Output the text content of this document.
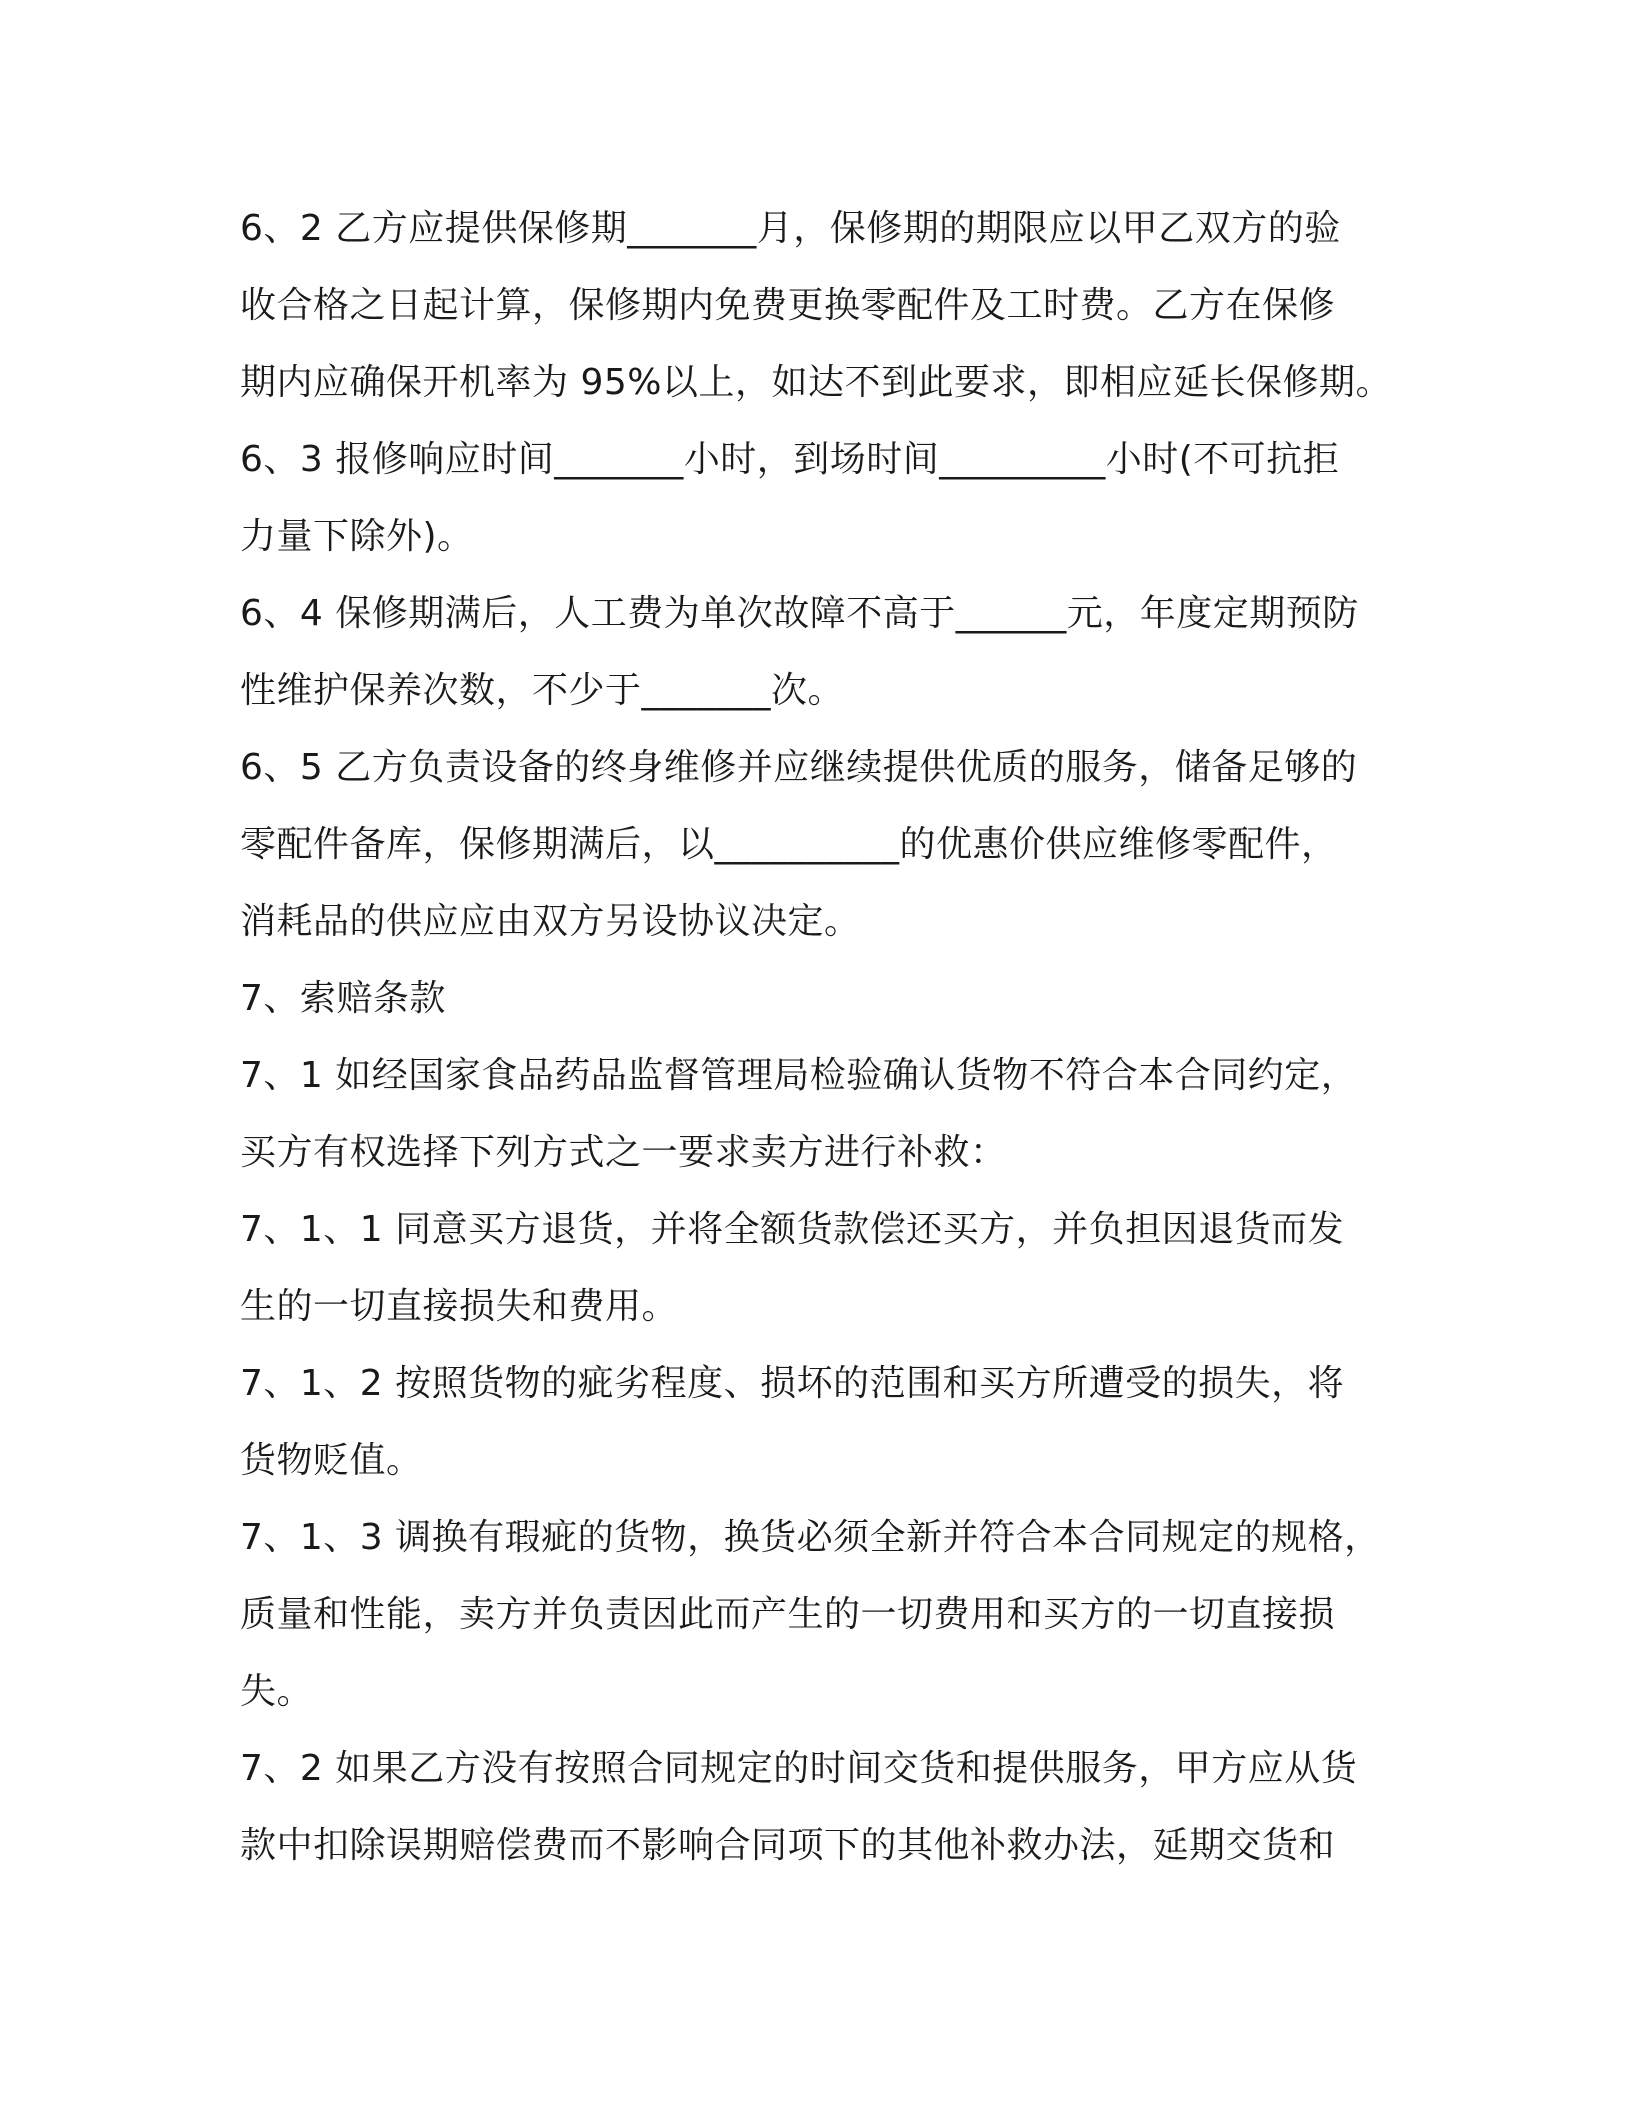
6、2 乙方应提供保修期_______月，保修期的期限应以甲乙双方的验
收合格之日起计算，保修期内免费更换零配件及工时费。乙方在保修
期内应确保开机率为 95%以上，如达不到此要求，即相应延长保修期。
6、3 报修响应时间_______小时，到场时间_________小时(不可抗拒
力量下除外)。
6、4 保修期满后，人工费为单次故障不高于______元，年度定期预防
性维护保养次数，不少于_______次。
6、5 乙方负责设备的终身维修并应继续提供优质的服务，储备足够的
零配件备库，保修期满后，以__________的优惠价供应维修零配件，
消耗品的供应应由双方另设协议决定。
7、索赔条款
7、1 如经国家食品药品监督管理局检验确认货物不符合本合同约定，
买方有权选择下列方式之一要求卖方进行补救：
7、1、1 同意买方退货，并将全额货款偿还买方，并负担因退货而发
生的一切直接损失和费用。
7、1、2 按照货物的疵劣程度、损坏的范围和买方所遭受的损失，将
货物贬值。
7、1、3 调换有瑕疵的货物，换货必须全新并符合本合同规定的规格，
质量和性能，卖方并负责因此而产生的一切费用和买方的一切直接损
失。
7、2 如果乙方没有按照合同规定的时间交货和提供服务，甲方应从货
款中扣除误期赔偿费而不影响合同项下的其他补救办法，延期交货和
